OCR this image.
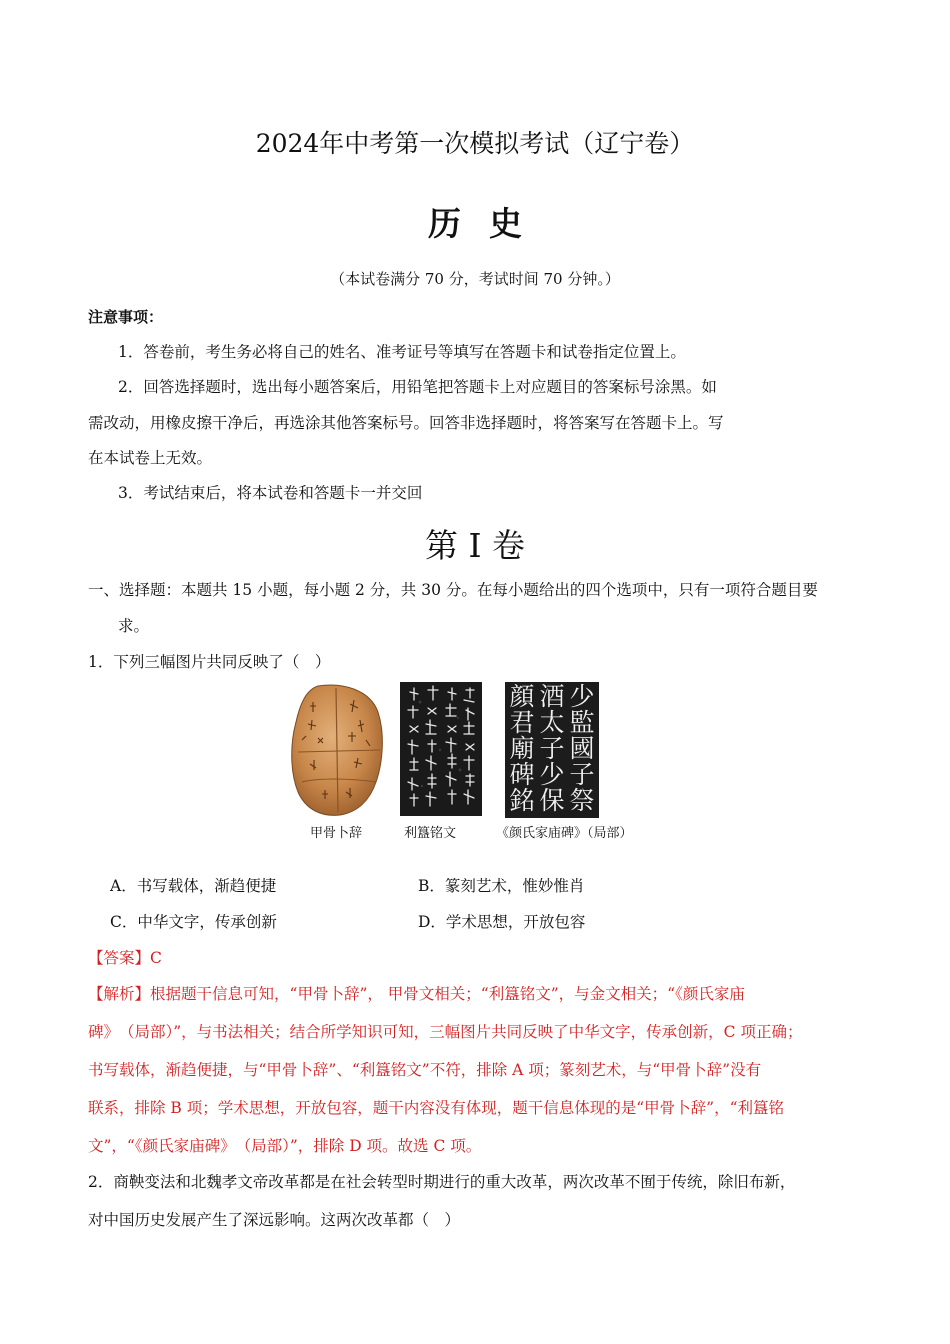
2024年中考第一次模拟考试（辽宁卷）
历史
（本试卷满分 70 分，考试时间 70 分钟。）
注意事项：
1．答卷前，考生务必将自己的姓名、准考证号等填写在答题卡和试卷指定位置上。
2．回答选择题时，选出每小题答案后，用铅笔把答题卡上对应题目的答案标号涂黑。如
需改动，用橡皮擦干净后，再选涂其他答案标号。回答非选择题时，将答案写在答题卡上。写
在本试卷上无效。
3．考试结束后，将本试卷和答题卡一并交回
第 I 卷
一、选择题：本题共 15 小题，每小题 2 分，共 30 分。在每小题给出的四个选项中，只有一项符合题目要
求。
1．下列三幅图片共同反映了（　）
甲骨卜辞	利簋铭文
少監國子祭
酒太子少保
顔君廟碑銘
《颜氏家庙碑》（局部）
A．书写载体，渐趋便捷	B．篆刻艺术，惟妙惟肖
C．中华文字，传承创新	D．学术思想，开放包容
【答案】C
【解析】根据题干信息可知，“甲骨卜辞”， 甲骨文相关；“利簋铭文”，与金文相关；“《颜氏家庙
碑》　（局部）”，与书法相关；结合所学知识可知，三幅图片共同反映了中华文字，传承创新，C 项正确；
书写载体，渐趋便捷，与“甲骨卜辞”、“利簋铭文”不符，排除 A 项；篆刻艺术，与“甲骨卜辞”没有
联系，排除 B 项；学术思想，开放包容，题干内容没有体现，题干信息体现的是“甲骨卜辞”，“利簋铭
文”，“《颜氏家庙碑》　（局部）”，排除 D 项。故选 C 项。
2．商鞅变法和北魏孝文帝改革都是在社会转型时期进行的重大改革，两次改革不囿于传统，除旧布新，
对中国历史发展产生了深远影响。这两次改革都（　）
